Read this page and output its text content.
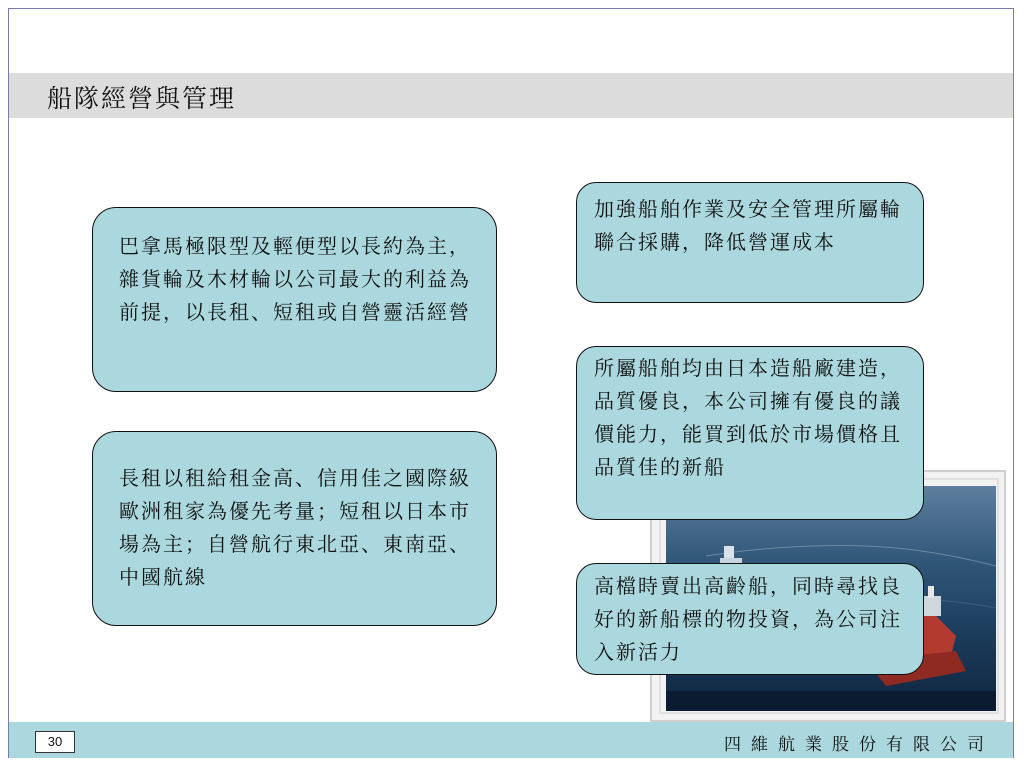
船隊經營與管理
巴拿馬極限型及輕便型以長約為主，雜貨輪及木材輪以公司最大的利益為前提，以長租、短租或自營靈活經營
長租以租給租金高、信用佳之國際級歐洲租家為優先考量；短租以日本市場為主；自營航行東北亞、東南亞、中國航線
加強船舶作業及安全管理所屬輪聯合採購，降低營運成本
所屬船舶均由日本造船廠建造，品質優良，本公司擁有優良的議價能力，能買到低於市場價格且品質佳的新船
高檔時賣出高齡船，同時尋找良好的新船標的物投資，為公司注入新活力
30	四維航業股份有限公司
